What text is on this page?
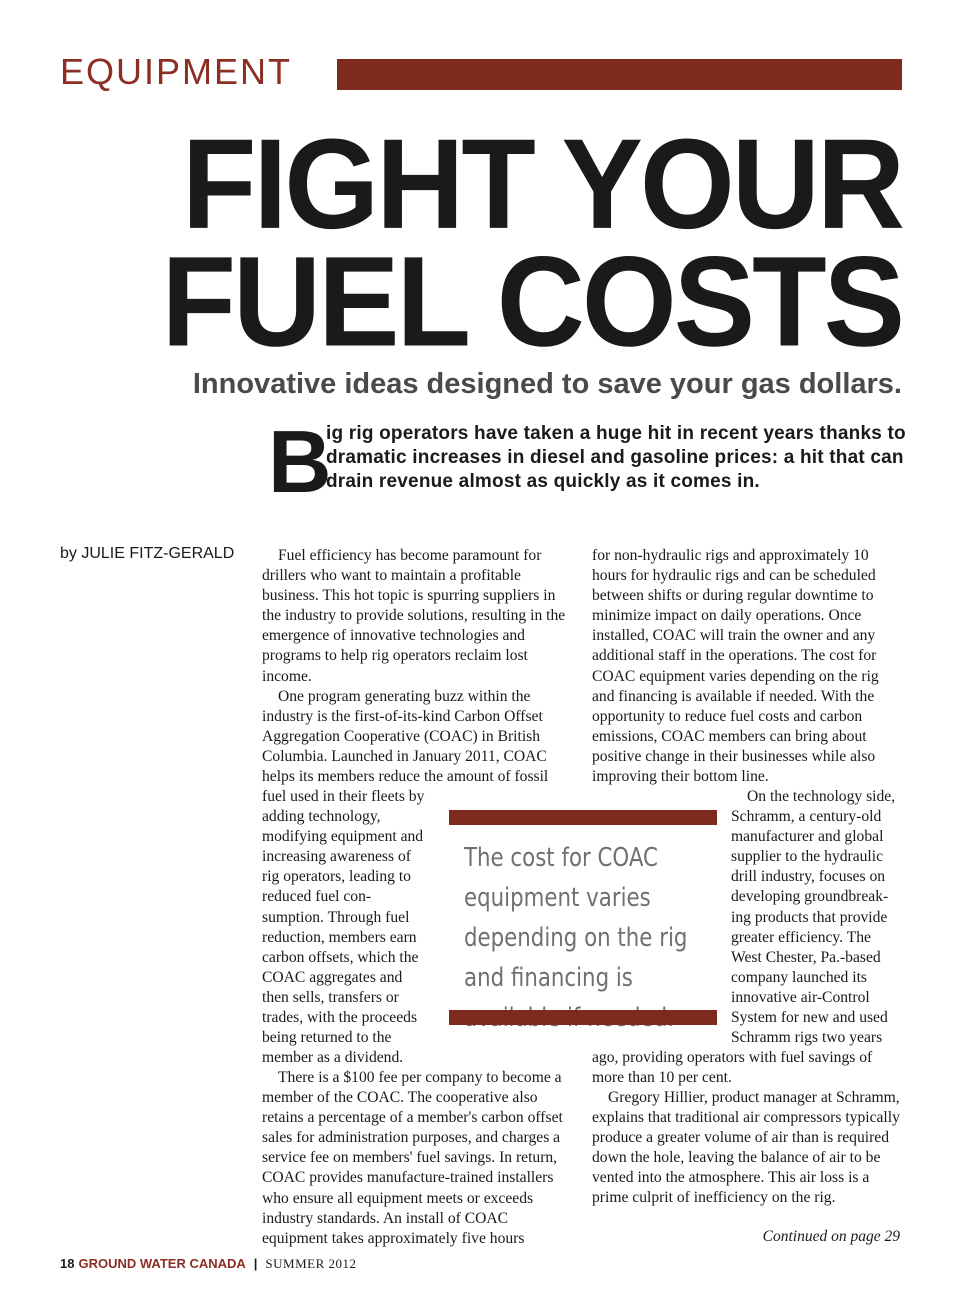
EQUIPMENT
FIGHT YOUR
FUEL COSTS
Innovative ideas designed to save your gas dollars.
B
ig rig operators have taken a huge hit in recent years thanks to dramatic increases in diesel and gasoline prices: a hit that can drain revenue almost as quickly as it comes in.
by JULIE FITZ-GERALD	Fuel efficiency has become paramount for drillers who want to maintain a profitable business. This hot topic is spurring suppliers in the industry to provide solutions, resulting in the emergence of innovative technologies and programs to help rig operators reclaim lost income.

One program generating buzz within the industry is the first-of-its-kind Carbon Offset Aggregation Cooperative (COAC) in British Columbia. Launched in January 2011, COAC helps its members reduce the amount of fossil

fuel used in their fleets by adding technology, modifying equipment and increasing awareness of rig operators, leading to reduced fuel con-sumption. Through fuel reduction, members earn carbon offsets, which the COAC aggregates and then sells, transfers or trades, with the proceeds being returned to the member as a dividend.

There is a $100 fee per company to become a member of the COAC. The cooperative also retains a percentage of a member's carbon offset sales for administration purposes, and charges a service fee on members' fuel savings. In return, COAC provides manufacture-trained installers who ensure all equipment meets or exceeds industry standards. An install of COAC equipment takes approximately five hours

The cost for COAC equipment varies depending on the rig and financing is

for non-hydraulic rigs and approximately 10 hours for hydraulic rigs and can be scheduled between shifts or during regular downtime to minimize impact on daily operations. Once installed, COAC will train the owner and any additional staff in the operations. The cost for COAC equipment varies depending on the rig and financing is available if needed. With the opportunity to reduce fuel costs and carbon emissions, COAC members can bring about positive change in their businesses while also improving their bottom line.

On the technology side, Schramm, a century-old manufacturer and global supplier to the hydraulic drill industry, focuses on developing groundbreak-ing products that provide greater efficiency. The West Chester, Pa.-based company launched its innovative air-Control System for new and used Schramm rigs two years

ago, providing operators with fuel savings of more than 10 per cent.

Gregory Hillier, product manager at Schramm, explains that traditional air compressors typically produce a greater volume of air than is required down the hole, leaving the balance of air to be vented into the atmosphere. This air loss is a prime culprit of inefficiency on the rig.

Continued on page 29
18 GROUND WATER CANADA | SUMMER 2012
